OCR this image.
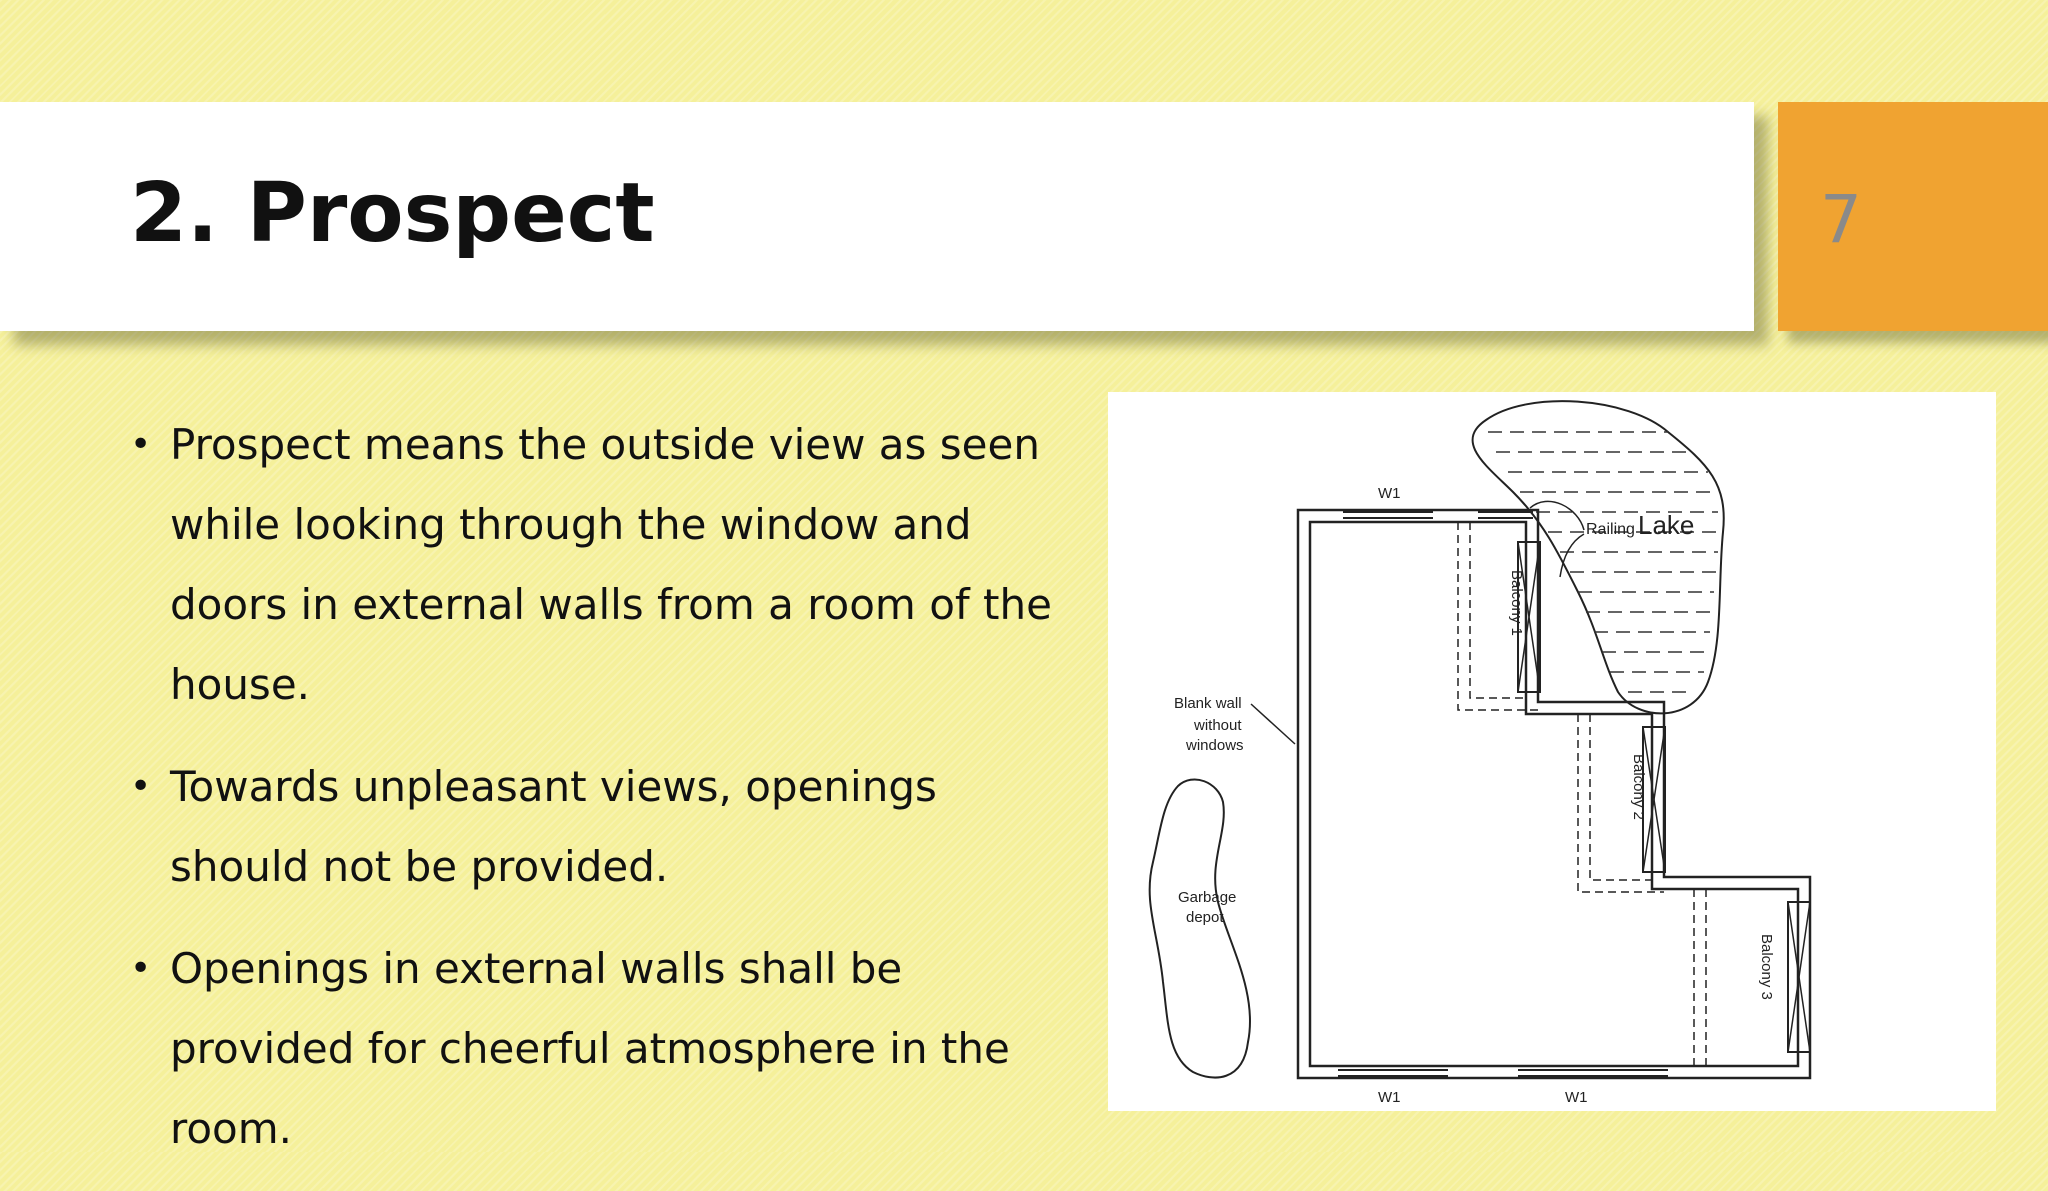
2. Prospect	7
• Prospect means the outside view as seen while looking through the window and doors in external walls from a room of the house.
• Towards unpleasant views, openings should not be provided.
• Openings in external walls shall be provided for cheerful atmosphere in the room.
Lake
Garbage
depot
Blank wall
without
windows
W1
W1	W1
Balcony 1
Balcony 2
Balcony 3
Railing
